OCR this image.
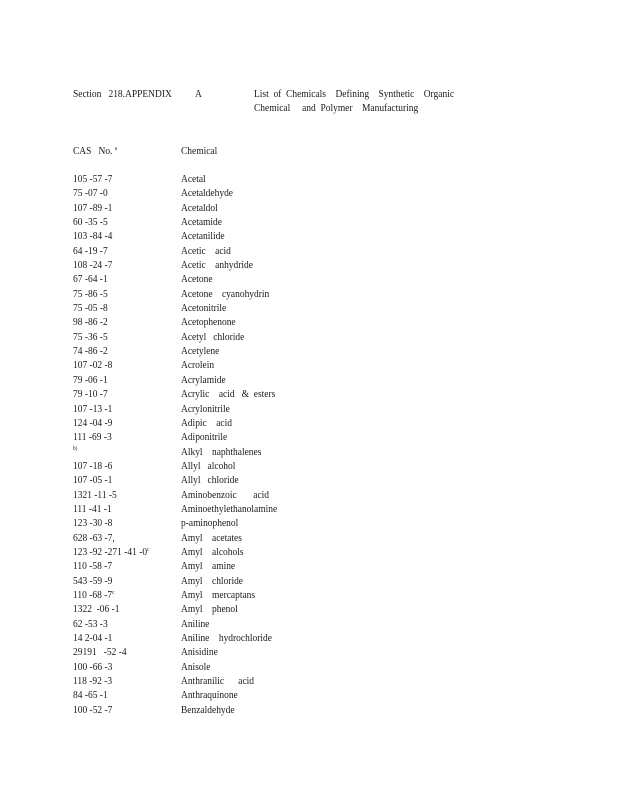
Section   218.APPENDIX A	List  of  Chemicals    Defining    Synthetic    Organic
Chemical     and  Polymer    Manufacturing
CAS   No. $^a$	Chemical
105 -57 -7	Acetal
75 -07 -0	Acetaldehyde
107 -89 -1	Acetaldol
60 -35 -5	Acetamide
103 -84 -4	Acetanilide
64 -19 -7	Acetic    acid
108 -24 -7	Acetic    anhydride
67 -64 -1	Acetone
75 -86 -5	Acetone    cyanohydrin
75 -05 -8	Acetonitrile
98 -86 -2	Acetophenone
75 -36 -5	Acetyl   chloride
74 -86 -2	Acetylene
107 -02 -8	Acrolein
79 -06 -1	Acrylamide
79 -10 -7	Acrylic    acid   &  esters
107 -13 -1	Acrylonitrile
124 -04 -9	Adipic    acid
111 -69 -3	Adiponitrile
b)	Alkyl    naphthalenes
107 -18 -6	Allyl   alcohol
107 -05 -1	Allyl   chloride
1321 -11 -5	Aminobenzoic       acid
111 -41 -1	Aminoethylethanolamine
123 -30 -8	p-aminophenol
628 -63 -7,	Amyl    acetates
123 -92 -271 -41 -0$^c$	Amyl    alcohols
110 -58 -7	Amyl    amine
543 -59 -9	Amyl    chloride
110 -68 -7$^c$	Amyl    mercaptans
1322  -06 -1	Amyl    phenol
62 -53 -3	Aniline
14 2-04 -1	Aniline    hydrochloride
29191   -52 -4	Anisidine
100 -66 -3	Anisole
118 -92 -3	Anthranilic      acid
84 -65 -1	Anthraquinone
100 -52 -7	Benzaldehyde
